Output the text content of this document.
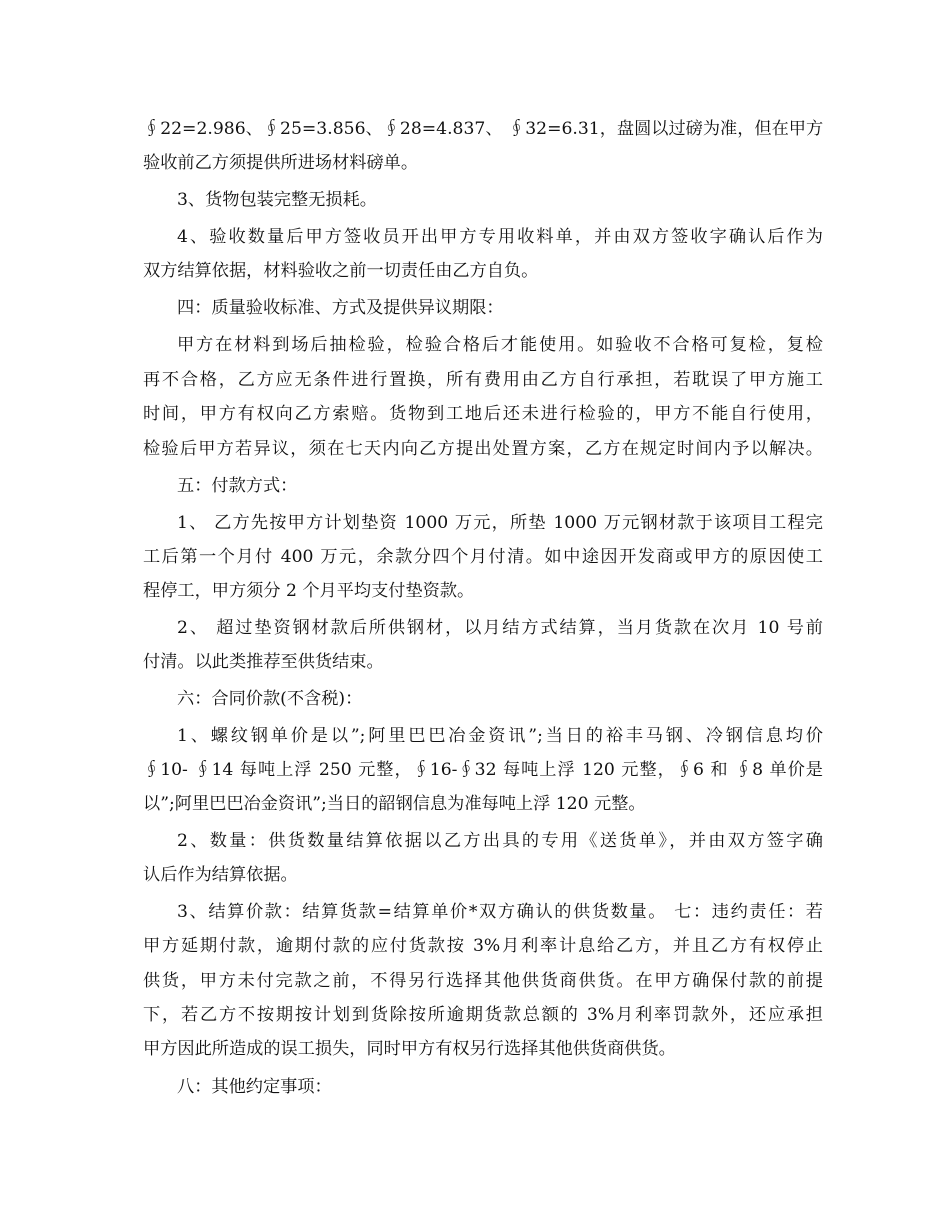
∮22=2.986、∮25=3.856、∮28=4.837、 ∮32=6.31，盘圆以过磅为准，但在甲方
验收前乙方须提供所进场材料磅单。
3、货物包装完整无损耗。
4、验收数量后甲方签收员开出甲方专用收料单，并由双方签收字确认后作为
双方结算依据，材料验收之前一切责任由乙方自负。
四：质量验收标准、方式及提供异议期限：
甲方在材料到场后抽检验，检验合格后才能使用。如验收不合格可复检，复检
再不合格，乙方应无条件进行置换，所有费用由乙方自行承担，若耽误了甲方施工
时间，甲方有权向乙方索赔。货物到工地后还未进行检验的，甲方不能自行使用，
检验后甲方若异议，须在七天内向乙方提出处置方案，乙方在规定时间内予以解决。
五：付款方式：
1、 乙方先按甲方计划垫资 1000 万元，所垫 1000 万元钢材款于该项目工程完
工后第一个月付 400 万元，余款分四个月付清。如中途因开发商或甲方的原因使工
程停工，甲方须分 2 个月平均支付垫资款。
2、 超过垫资钢材款后所供钢材，以月结方式结算，当月货款在次月 10 号前
付清。以此类推荐至供货结束。
六：合同价款(不含税)：
1、螺纹钢单价是以”;阿里巴巴冶金资讯”;当日的裕丰马钢、冷钢信息均价
∮10- ∮14 每吨上浮 250 元整，∮16-∮32 每吨上浮 120 元整，∮6 和 ∮8 单价是
以”;阿里巴巴冶金资讯”;当日的韶钢信息为准每吨上浮 120 元整。
2、数量：供货数量结算依据以乙方出具的专用《送货单》，并由双方签字确
认后作为结算依据。
3、结算价款：结算货款=结算单价*双方确认的供货数量。 七：违约责任：若
甲方延期付款，逾期付款的应付货款按 3%月利率计息给乙方，并且乙方有权停止
供货，甲方未付完款之前，不得另行选择其他供货商供货。在甲方确保付款的前提
下，若乙方不按期按计划到货除按所逾期货款总额的 3%月利率罚款外，还应承担
甲方因此所造成的误工损失，同时甲方有权另行选择其他供货商供货。
八：其他约定事项：
